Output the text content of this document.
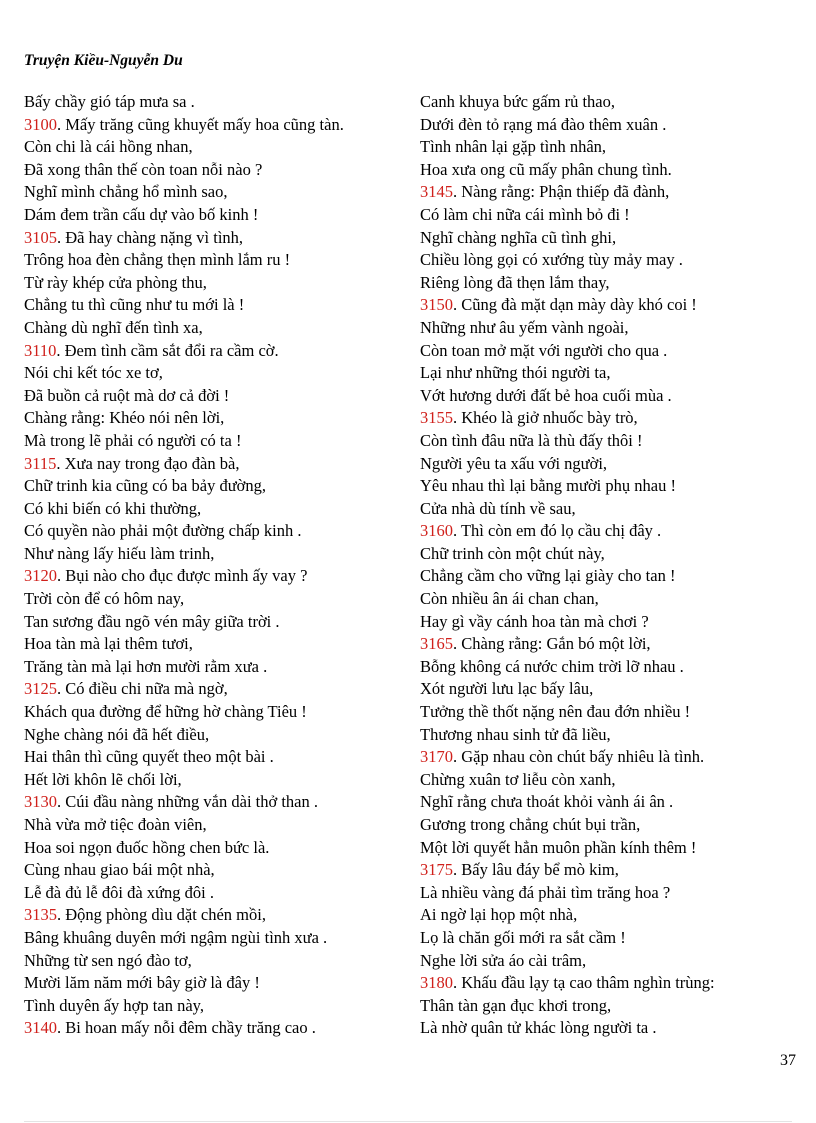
Truyện Kiều-Nguyễn Du
Bấy chầy gió táp mưa sa .
3100. Mấy trăng cũng khuyết mấy hoa cũng tàn.
Còn chi là cái hồng nhan,
Đã xong thân thế còn toan nỗi nào ?
Nghĩ mình chẳng hổ mình sao,
Dám đem trần cấu dự vào bố kinh !
3105. Đã hay chàng nặng vì tình,
Trông hoa đèn chẳng thẹn mình lắm ru !
Từ rày khép cửa phòng thu,
Chẳng tu thì cũng như tu mới là !
Chàng dù nghĩ đến tình xa,
3110. Đem tình cầm sắt đổi ra cầm cờ.
Nói chi kết tóc xe tơ,
Đã buồn cả ruột mà dơ cả đời !
Chàng rằng: Khéo nói nên lời,
Mà trong lẽ phải có người có ta !
3115. Xưa nay trong đạo đàn bà,
Chữ trinh kia cũng có ba bảy đường,
Có khi biến có khi thường,
Có quyền nào phải một đường chấp kinh .
Như nàng lấy hiếu làm trinh,
3120. Bụi nào cho đục được mình ấy vay ?
Trời còn để có hôm nay,
Tan sương đầu ngõ vén mây giữa trời .
Hoa tàn mà lại thêm tươi,
Trăng tàn mà lại hơn mười rằm xưa .
3125. Có điều chi nữa mà ngờ,
Khách qua đường để hững hờ chàng Tiêu !
Nghe chàng nói đã hết điều,
Hai thân thì cũng quyết theo một bài .
Hết lời khôn lẽ chối lời,
3130. Cúi đầu nàng những vắn dài thở than .
Nhà vừa mở tiệc đoàn viên,
Hoa soi ngọn đuốc hồng chen bức là.
Cùng nhau giao bái một nhà,
Lễ đà đủ lễ đôi đà xứng đôi .
3135. Động phòng dìu dặt chén mồi,
Bâng khuâng duyên mới ngậm ngùi tình xưa .
Những từ sen ngó đào tơ,
Mười lăm năm mới bây giờ là đây !
Tình duyên ấy hợp tan này,
3140. Bi hoan mấy nỗi đêm chầy trăng cao .
Canh khuya bức gấm rủ thao,
Dưới đèn tỏ rạng má đào thêm xuân .
Tình nhân lại gặp tình nhân,
Hoa xưa ong cũ mấy phân chung tình.
3145. Nàng rằng: Phận thiếp đã đành,
Có làm chi nữa cái mình bỏ đi !
Nghĩ chàng nghĩa cũ tình ghi,
Chiều lòng gọi có xướng tùy mảy may .
Riêng lòng đã thẹn lắm thay,
3150. Cũng đà mặt dạn mày dày khó coi !
Những như âu yếm vành ngoài,
Còn toan mở mặt với người cho qua .
Lại như những thói người ta,
Vớt hương dưới đất bẻ hoa cuối mùa .
3155. Khéo là giở nhuốc bày trò,
Còn tình đâu nữa là thù đấy thôi !
Người yêu ta xấu với người,
Yêu nhau thì lại bằng mười phụ nhau !
Cửa nhà dù tính về sau,
3160. Thì còn em đó lọ cầu chị đây .
Chữ trinh còn một chút này,
Chẳng cầm cho vững lại giày cho tan !
Còn nhiều ân ái chan chan,
Hay gì vầy cánh hoa tàn mà chơi ?
3165. Chàng rằng: Gắn bó một lời,
Bỗng không cá nước chim trời lỡ nhau .
Xót người lưu lạc bấy lâu,
Tưởng thề thốt nặng nên đau đớn nhiều !
Thương nhau sinh tử đã liều,
3170. Gặp nhau còn chút bấy nhiêu là tình.
Chừng xuân tơ liễu còn xanh,
Nghĩ rằng chưa thoát khỏi vành ái ân .
Gương trong chẳng chút bụi trần,
Một lời quyết hẳn muôn phần kính thêm !
3175. Bấy lâu đáy bể mò kim,
Là nhiều vàng đá phải tìm trăng hoa ?
Ai ngờ lại họp một nhà,
Lọ là chăn gối mới ra sắt cầm !
Nghe lời sửa áo cài trâm,
3180. Khấu đầu lạy tạ cao thâm nghìn trùng:
Thân tàn gạn đục khơi trong,
Là nhờ quân tử khác lòng người ta .
37
